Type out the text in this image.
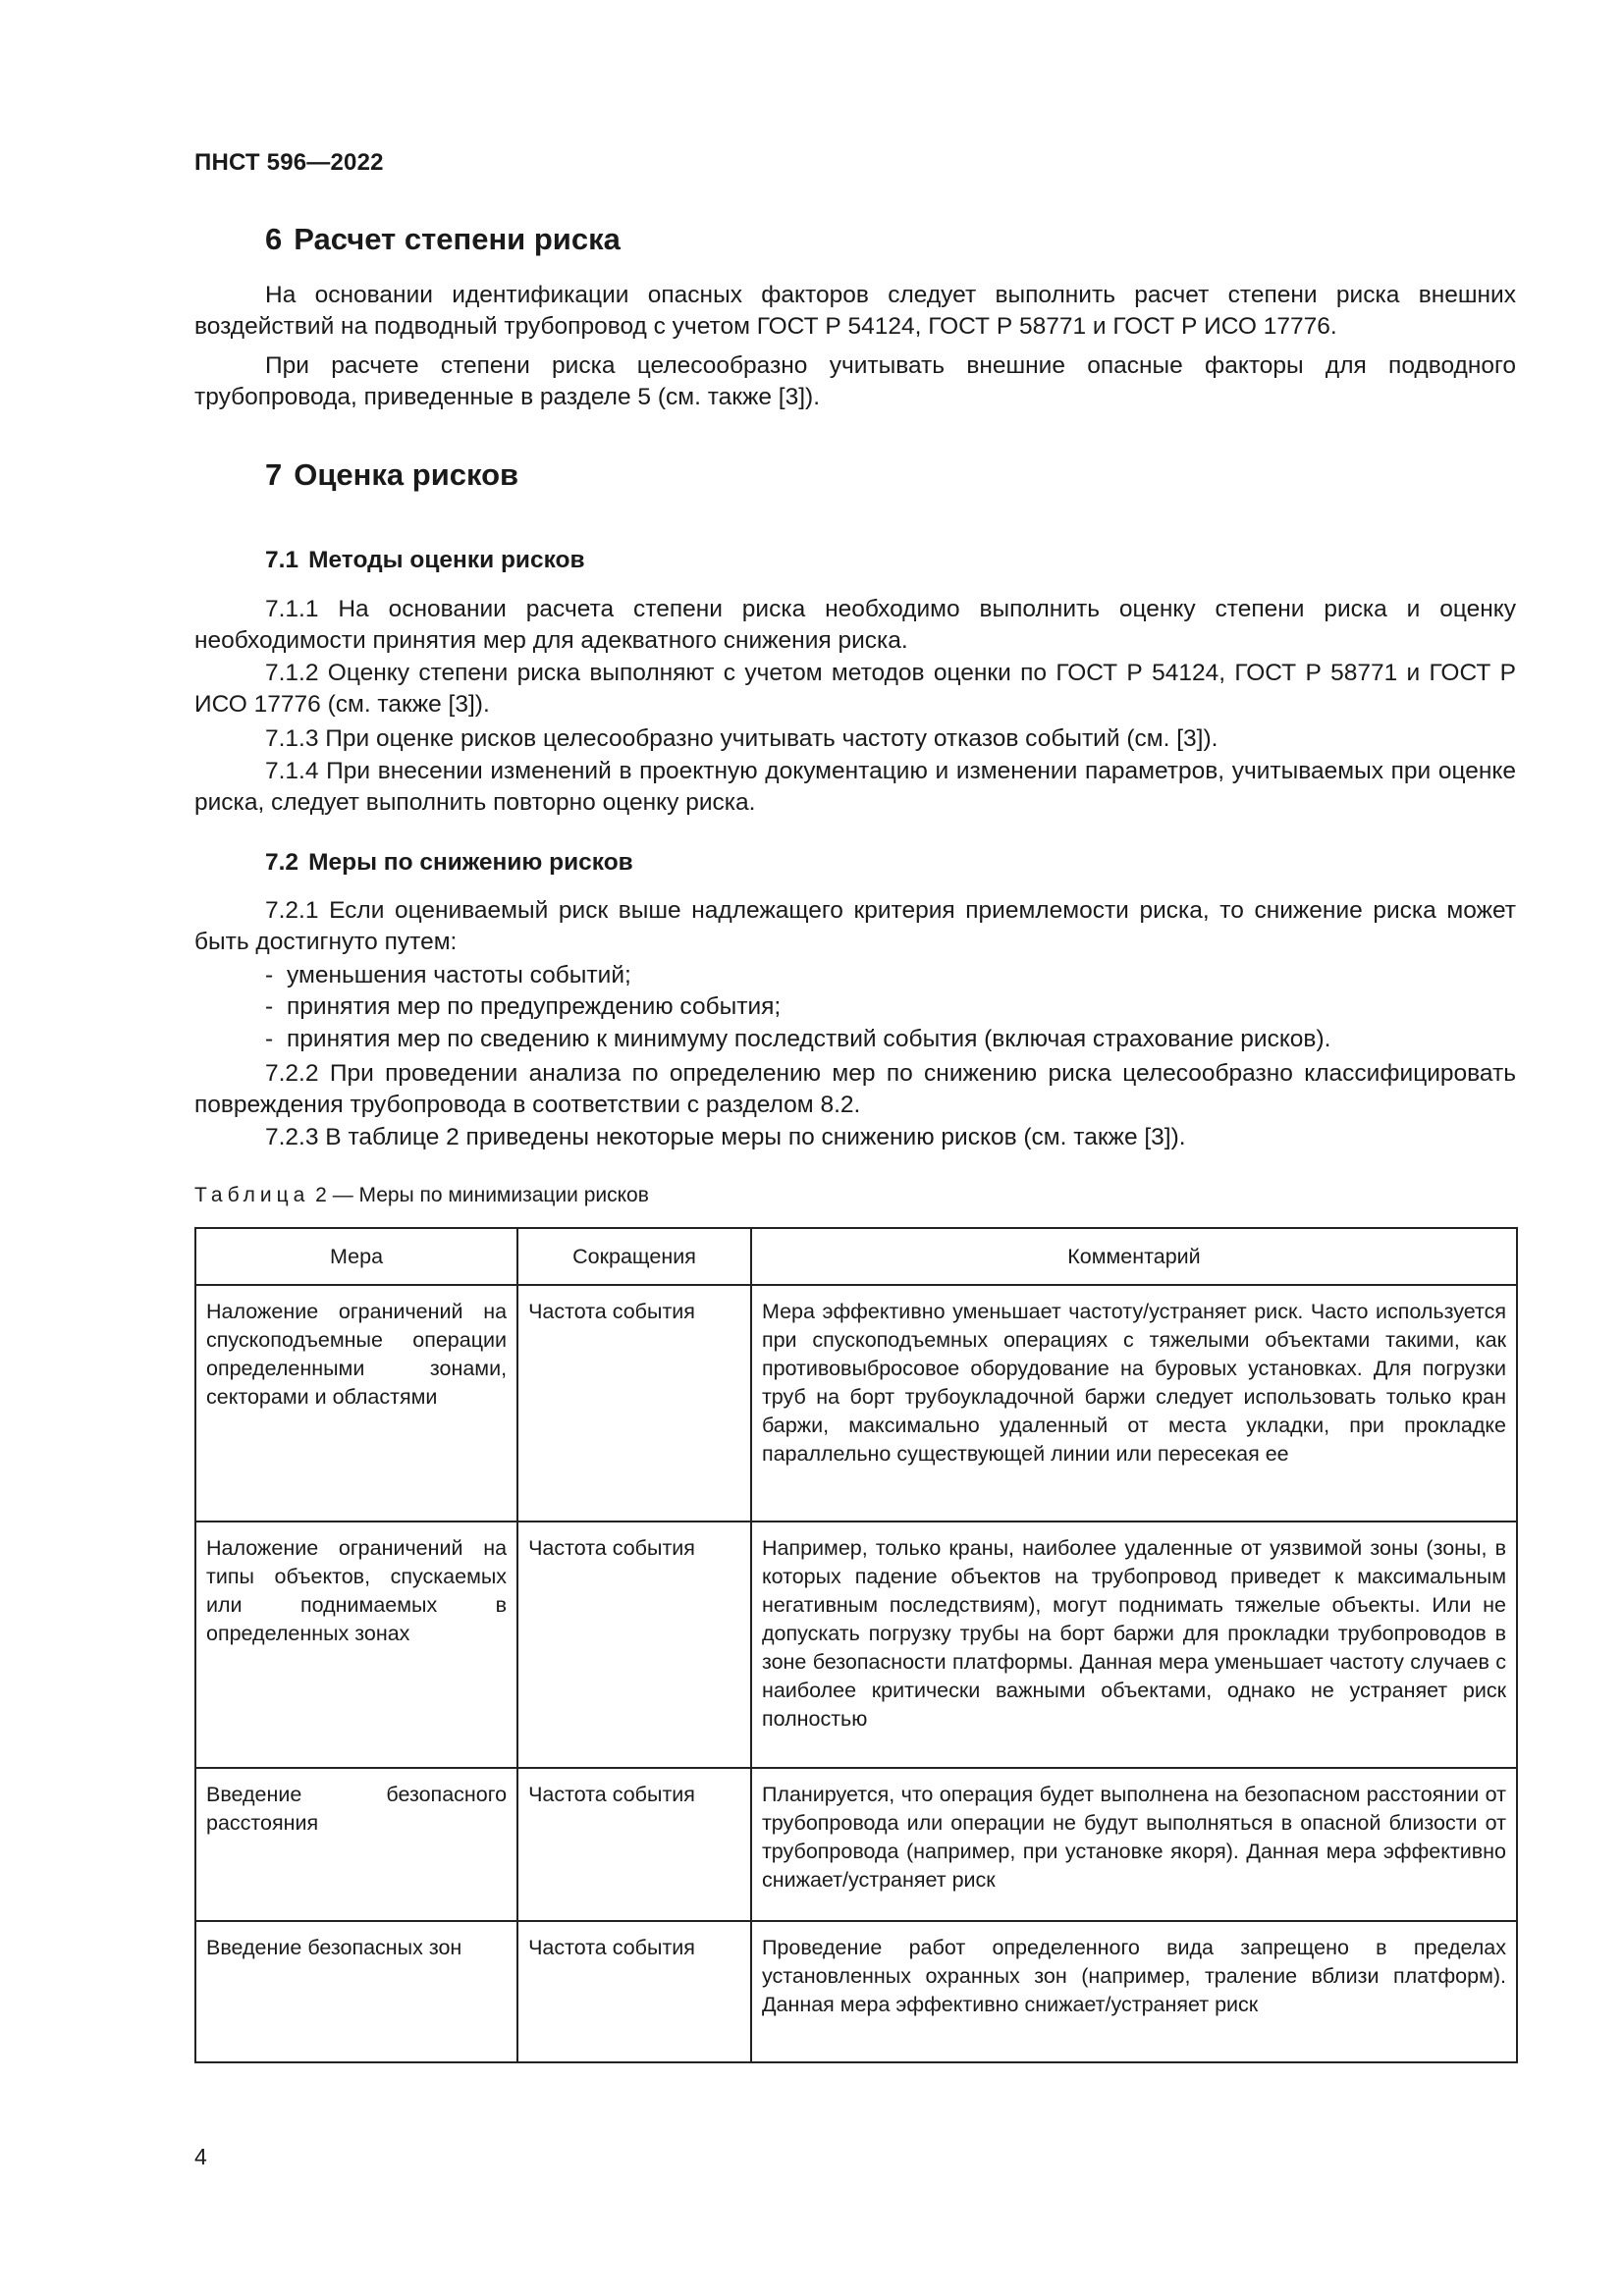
ПНСТ 596—2022
6 Расчет степени риска

На основании идентификации опасных факторов следует выполнить расчет степени риска внешних воздействий на подводный трубопровод с учетом ГОСТ Р 54124, ГОСТ Р 58771 и ГОСТ Р ИСО 17776.

При расчете степени риска целесообразно учитывать внешние опасные факторы для подводного трубопровода, приведенные в разделе 5 (см. также [3]).

7 Оценка рисков
7.1 Методы оценки рисков

7.1.1 На основании расчета степени риска необходимо выполнить оценку степени риска и оценку необходимости принятия мер для адекватного снижения риска.

7.1.2 Оценку степени риска выполняют с учетом методов оценки по ГОСТ Р 54124, ГОСТ Р 58771 и ГОСТ Р ИСО 17776 (см. также [3]).

7.1.3 При оценке рисков целесообразно учитывать частоту отказов событий (см. [3]).

7.1.4 При внесении изменений в проектную документацию и изменении параметров, учитываемых при оценке риска, следует выполнить повторно оценку риска.

7.2 Меры по снижению рисков

7.2.1 Если оцениваемый риск выше надлежащего критерия приемлемости риска, то снижение риска может быть достигнуто путем:

- уменьшения частоты событий;
- принятия мер по предупреждению события;
- принятия мер по сведению к минимуму последствий события (включая страхование рисков).

7.2.2 При проведении анализа по определению мер по снижению риска целесообразно классифицировать повреждения трубопровода в соответствии с разделом 8.2.

7.2.3 В таблице 2 приведены некоторые меры по снижению рисков (см. также [3]).

Таблица 2 — Меры по минимизации рисков
Мера	Сокращения	Комментарий
Наложение ограничений на спускоподъемные операции определенными зонами, секторами и областями	Частота события	Мера эффективно уменьшает частоту/устраняет риск. Часто используется при спускоподъемных операциях с тяжелыми объектами такими, как противовыбросовое оборудование на буровых установках. Для погрузки труб на борт трубоукладочной баржи следует использовать только кран баржи, максимально удаленный от места укладки, при прокладке параллельно существующей линии или пересекая ее
Наложение ограничений на типы объектов, спускаемых или поднимаемых в определенных зонах	Частота события	Например, только краны, наиболее удаленные от уязвимой зоны (зоны, в которых падение объектов на трубопровод приведет к максимальным негативным последствиям), могут поднимать тяжелые объекты. Или не допускать погрузку трубы на борт баржи для прокладки трубопроводов в зоне безопасности платформы. Данная мера уменьшает частоту случаев с наиболее критически важными объектами, однако не устраняет риск полностью
Введение безопасного расстояния	Частота события	Планируется, что операция будет выполнена на безопасном расстоянии от трубопровода или операции не будут выполняться в опасной близости от трубопровода (например, при установке якоря). Данная мера эффективно снижает/устраняет риск
Введение безопасных зон	Частота события	Проведение работ определенного вида запрещено в пределах установленных охранных зон (например, траление вблизи платформ). Данная мера эффективно снижает/устраняет риск
4
